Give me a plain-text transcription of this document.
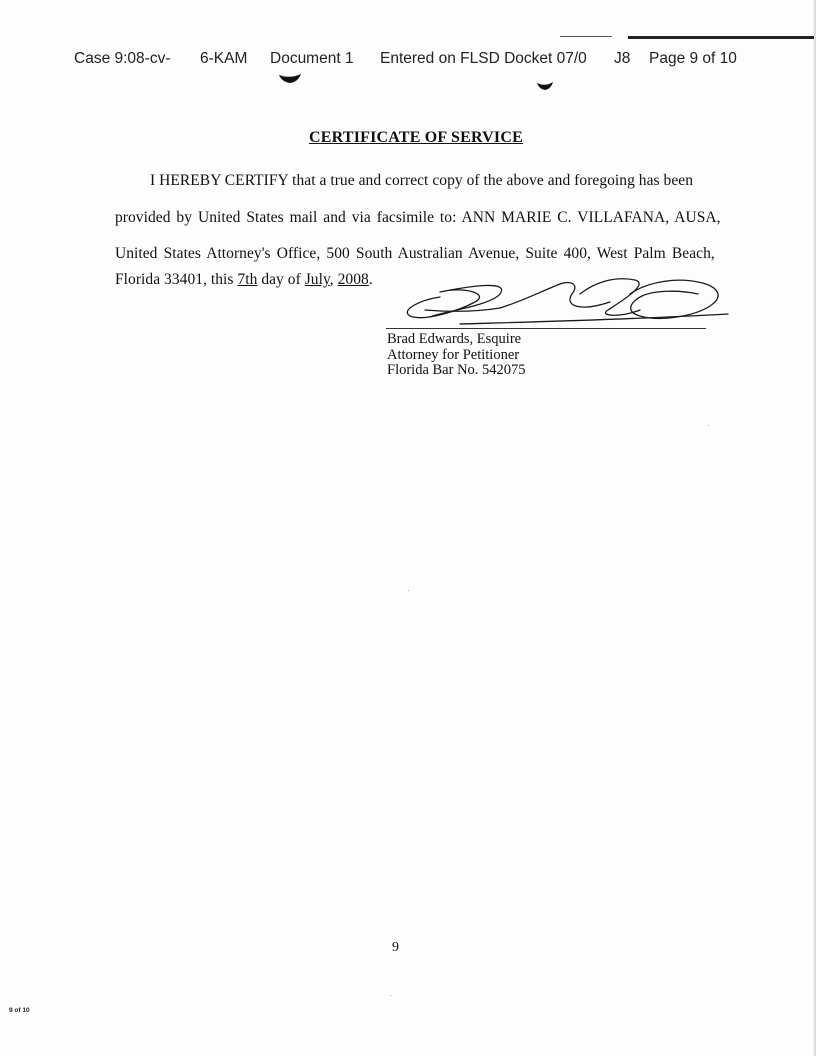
Case 9:08-cv- 6-KAM Document 1 Entered on FLSD Docket 07/0 J8 Page 9 of 10
CERTIFICATE OF SERVICE
I HEREBY CERTIFY that a true and correct copy of the above and foregoing has been
provided by United States mail and via facsimile to: ANN MARIE C. VILLAFANA, AUSA,
United States Attorney's Office, 500 South Australian Avenue, Suite 400, West Palm Beach,
Florida 33401, this 7th day of July, 2008.
Brad Edwards, Esquire
Attorney for Petitioner
Florida Bar No. 542075
9
9 of 10
